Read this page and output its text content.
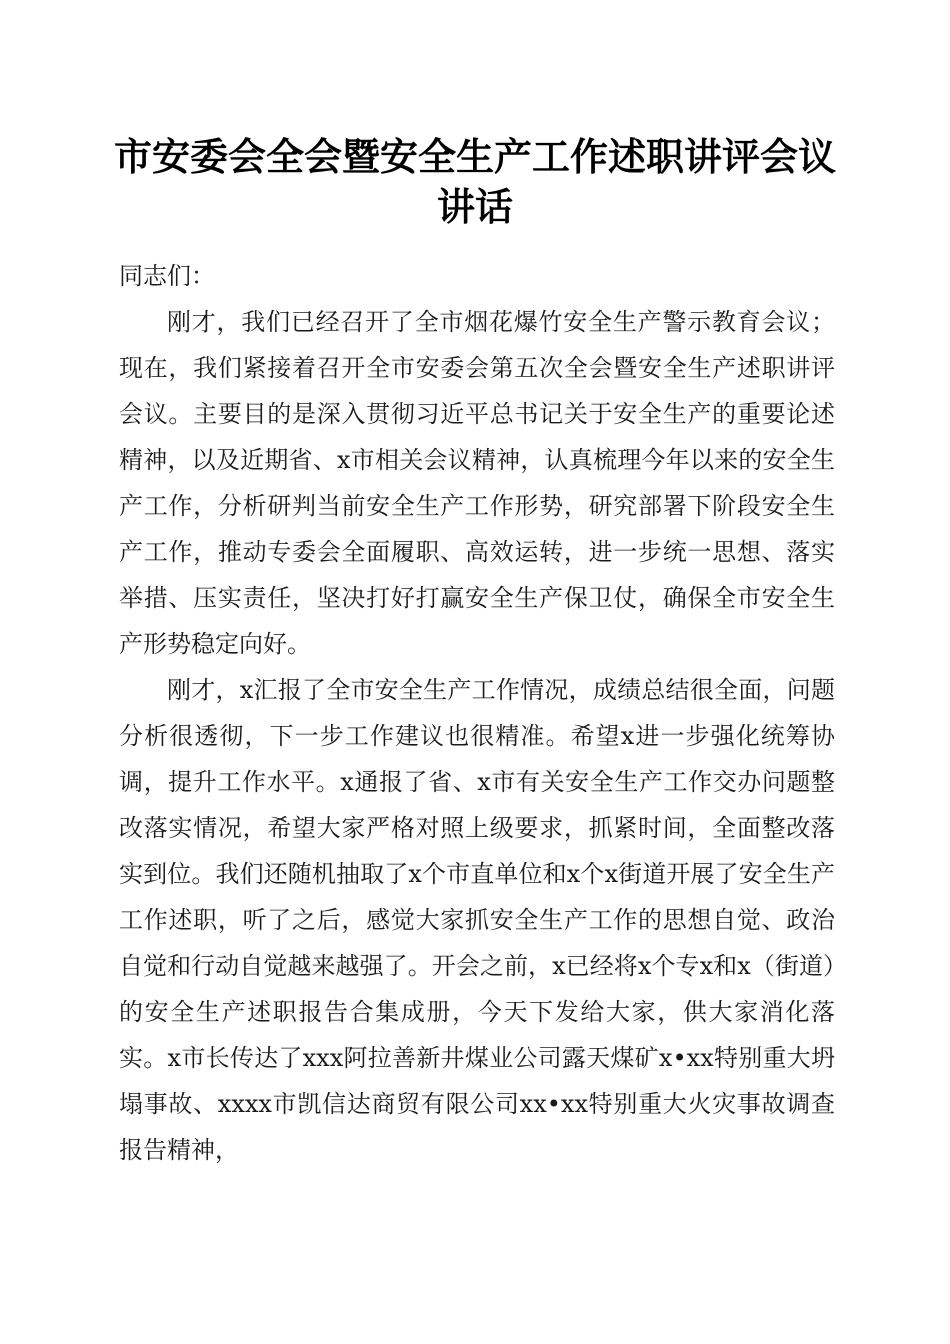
市安委会全会暨安全生产工作述职讲评会议讲话

同志们：

刚才，我们已经召开了全市烟花爆竹安全生产警示教育会议；现在，我们紧接着召开全市安委会第五次全会暨安全生产述职讲评会议。主要目的是深入贯彻习近平总书记关于安全生产的重要论述精神，以及近期省、x市相关会议精神，认真梳理今年以来的安全生产工作，分析研判当前安全生产工作形势，研究部署下阶段安全生产工作，推动专委会全面履职、高效运转，进一步统一思想、落实举措、压实责任，坚决打好打赢安全生产保卫仗，确保全市安全生产形势稳定向好。

刚才，x汇报了全市安全生产工作情况，成绩总结很全面，问题分析很透彻，下一步工作建议也很精准。希望x进一步强化统筹协调，提升工作水平。x通报了省、x市有关安全生产工作交办问题整改落实情况，希望大家严格对照上级要求，抓紧时间，全面整改落实到位。我们还随机抽取了x个市直单位和x个x街道开展了安全生产工作述职，听了之后，感觉大家抓安全生产工作的思想自觉、政治自觉和行动自觉越来越强了。开会之前，x已经将x个专x和x（街道）的安全生产述职报告合集成册，今天下发给大家，供大家消化落实。x市长传达了xxx阿拉善新井煤业公司露天煤矿x•xx特别重大坍塌事故、xxxx市凯信达商贸有限公司xx•xx特别重大火灾事故调查报告精神，
